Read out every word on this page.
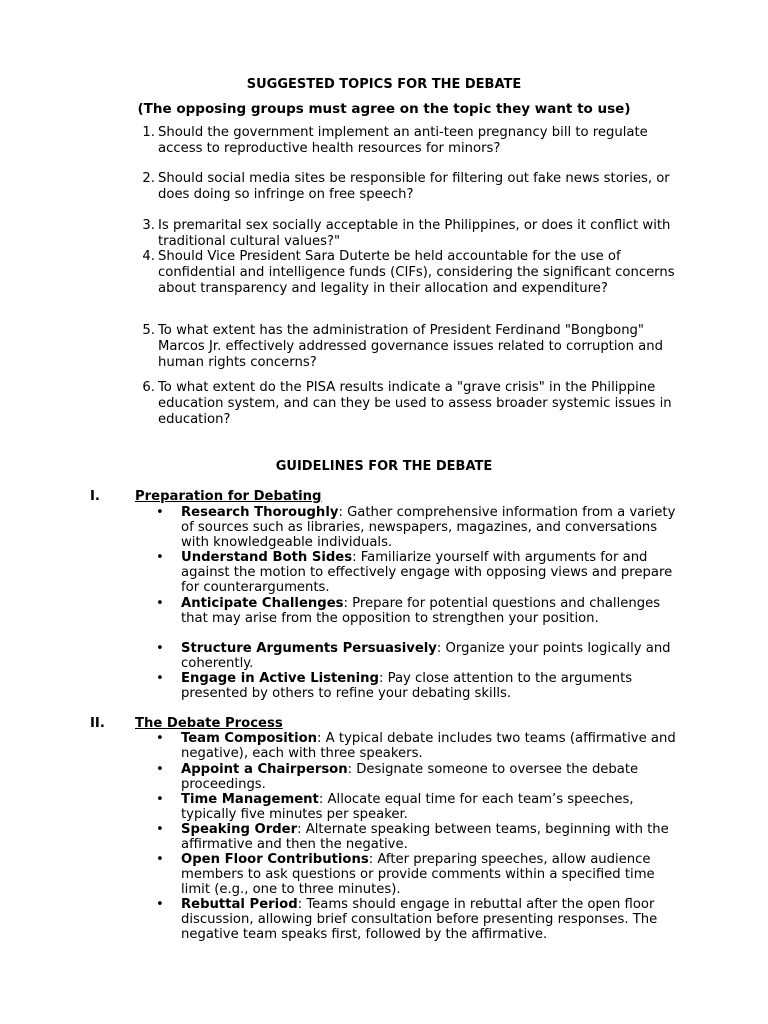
SUGGESTED TOPICS FOR THE DEBATE
(The opposing groups must agree on the topic they want to use)
1. Should the government implement an anti-teen pregnancy bill to regulate access to reproductive health resources for minors?
2. Should social media sites be responsible for filtering out fake news stories, or does doing so infringe on free speech?
3. Is premarital sex socially acceptable in the Philippines, or does it conflict with traditional cultural values?"
4. Should Vice President Sara Duterte be held accountable for the use of confidential and intelligence funds (CIFs), considering the significant concerns about transparency and legality in their allocation and expenditure?
5. To what extent has the administration of President Ferdinand "Bongbong" Marcos Jr. effectively addressed governance issues related to corruption and human rights concerns?
6. To what extent do the PISA results indicate a "grave crisis" in the Philippine education system, and can they be used to assess broader systemic issues in education?
GUIDELINES FOR THE DEBATE
I.	Preparation for Debating
• Research Thoroughly: Gather comprehensive information from a variety of sources such as libraries, newspapers, magazines, and conversations with knowledgeable individuals.
• Understand Both Sides: Familiarize yourself with arguments for and against the motion to effectively engage with opposing views and prepare for counterarguments.
• Anticipate Challenges: Prepare for potential questions and challenges that may arise from the opposition to strengthen your position.
• Structure Arguments Persuasively: Organize your points logically and coherently.
• Engage in Active Listening: Pay close attention to the arguments presented by others to refine your debating skills.
II. The Debate Process
• Team Composition: A typical debate includes two teams (affirmative and negative), each with three speakers.
• Appoint a Chairperson: Designate someone to oversee the debate proceedings.
• Time Management: Allocate equal time for each team’s speeches, typically five minutes per speaker.
• Speaking Order: Alternate speaking between teams, beginning with the affirmative and then the negative.
• Open Floor Contributions: After preparing speeches, allow audience members to ask questions or provide comments within a specified time limit (e.g., one to three minutes).
• Rebuttal Period: Teams should engage in rebuttal after the open floor discussion, allowing brief consultation before presenting responses. The negative team speaks first, followed by the affirmative.
